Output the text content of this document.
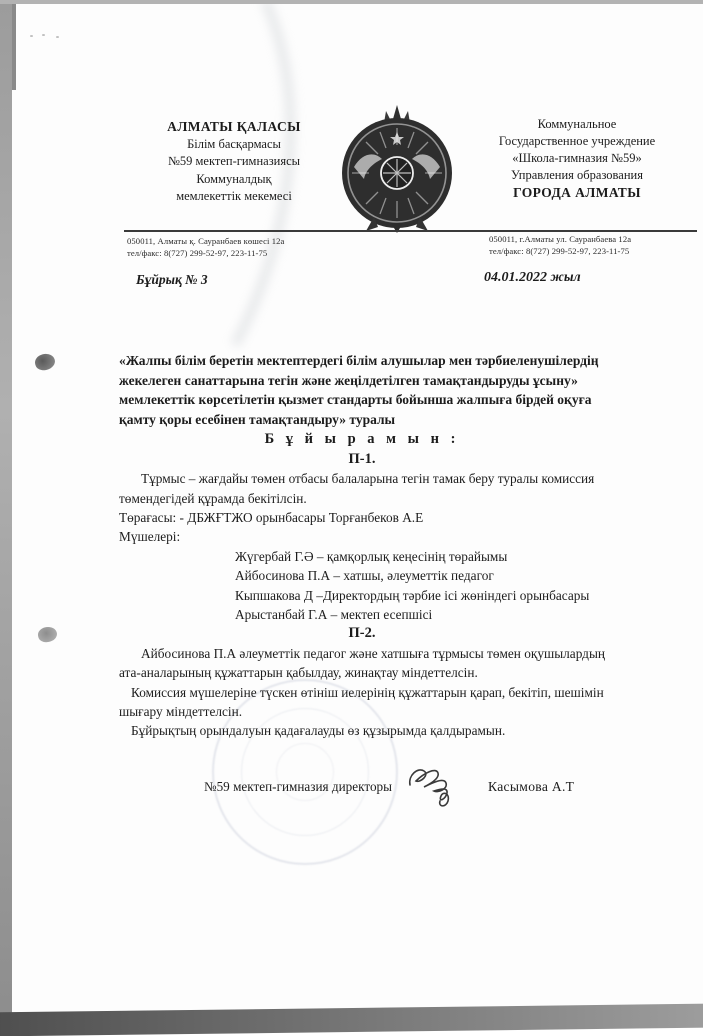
АЛМАТЫ ҚАЛАСЫ
Білім басқармасы
№59 мектеп-гимназиясы
Коммуналдық
мемлекеттік мекемесі
Коммунальное
Государственное учреждение
«Школа-гимназия №59»
Управления образования
ГОРОДА АЛМАТЫ
050011, Алматы қ. Сауранбаев көшесі 12а
тел/факс: 8(727) 299-52-97, 223-11-75
050011, г.Алматы ул. Сауранбаева 12а
тел/факс: 8(727) 299-52-97, 223-11-75
Бұйрық № 3	04.01.2022 жыл
«Жалпы білім беретін мектептердегі білім алушылар мен тәрбиеленушілердің жекелеген санаттарына тегін және жеңілдетілген тамақтандыруды ұсыну» мемлекеттік көрсетілетін қызмет стандарты бойынша жалпыға бірдей оқуға қамту қоры есебінен тамақтандыру» туралы
Б ұ й ы р а м ы н :
П-1.
Тұрмыс – жағдайы төмен отбасы балаларына тегін тамак беру туралы комиссия төмендегідей құрамда бекітілсін.
Төрағасы: - ДБЖҒТЖО орынбасары Торғанбеков А.Е
Мүшелері:
Жүгербай Г.Ә – қамқорлық кеңесінің төрайымы
Айбосинова П.А – хатшы, әлеуметтік педагог
Кыпшакова Д –Директордың тәрбие ісі жөніндегі орынбасары
Арыстанбай Г.А – мектеп есепшісі
П-2.
Айбосинова П.А әлеуметтік педагог және хатшыға тұрмысы төмен оқушылардың ата-аналарының құжаттарын қабылдау, жинақтау міндеттелсін.
Комиссия мүшелеріне түскен өтініш иелерінің құжаттарын қарап, бекітіп, шешімін шығару міндеттелсін.
Бұйрықтың орындалуын қадағалауды өз құзырымда қалдырамын.
№59 мектеп-гимназия директоры	Касымова А.Т
